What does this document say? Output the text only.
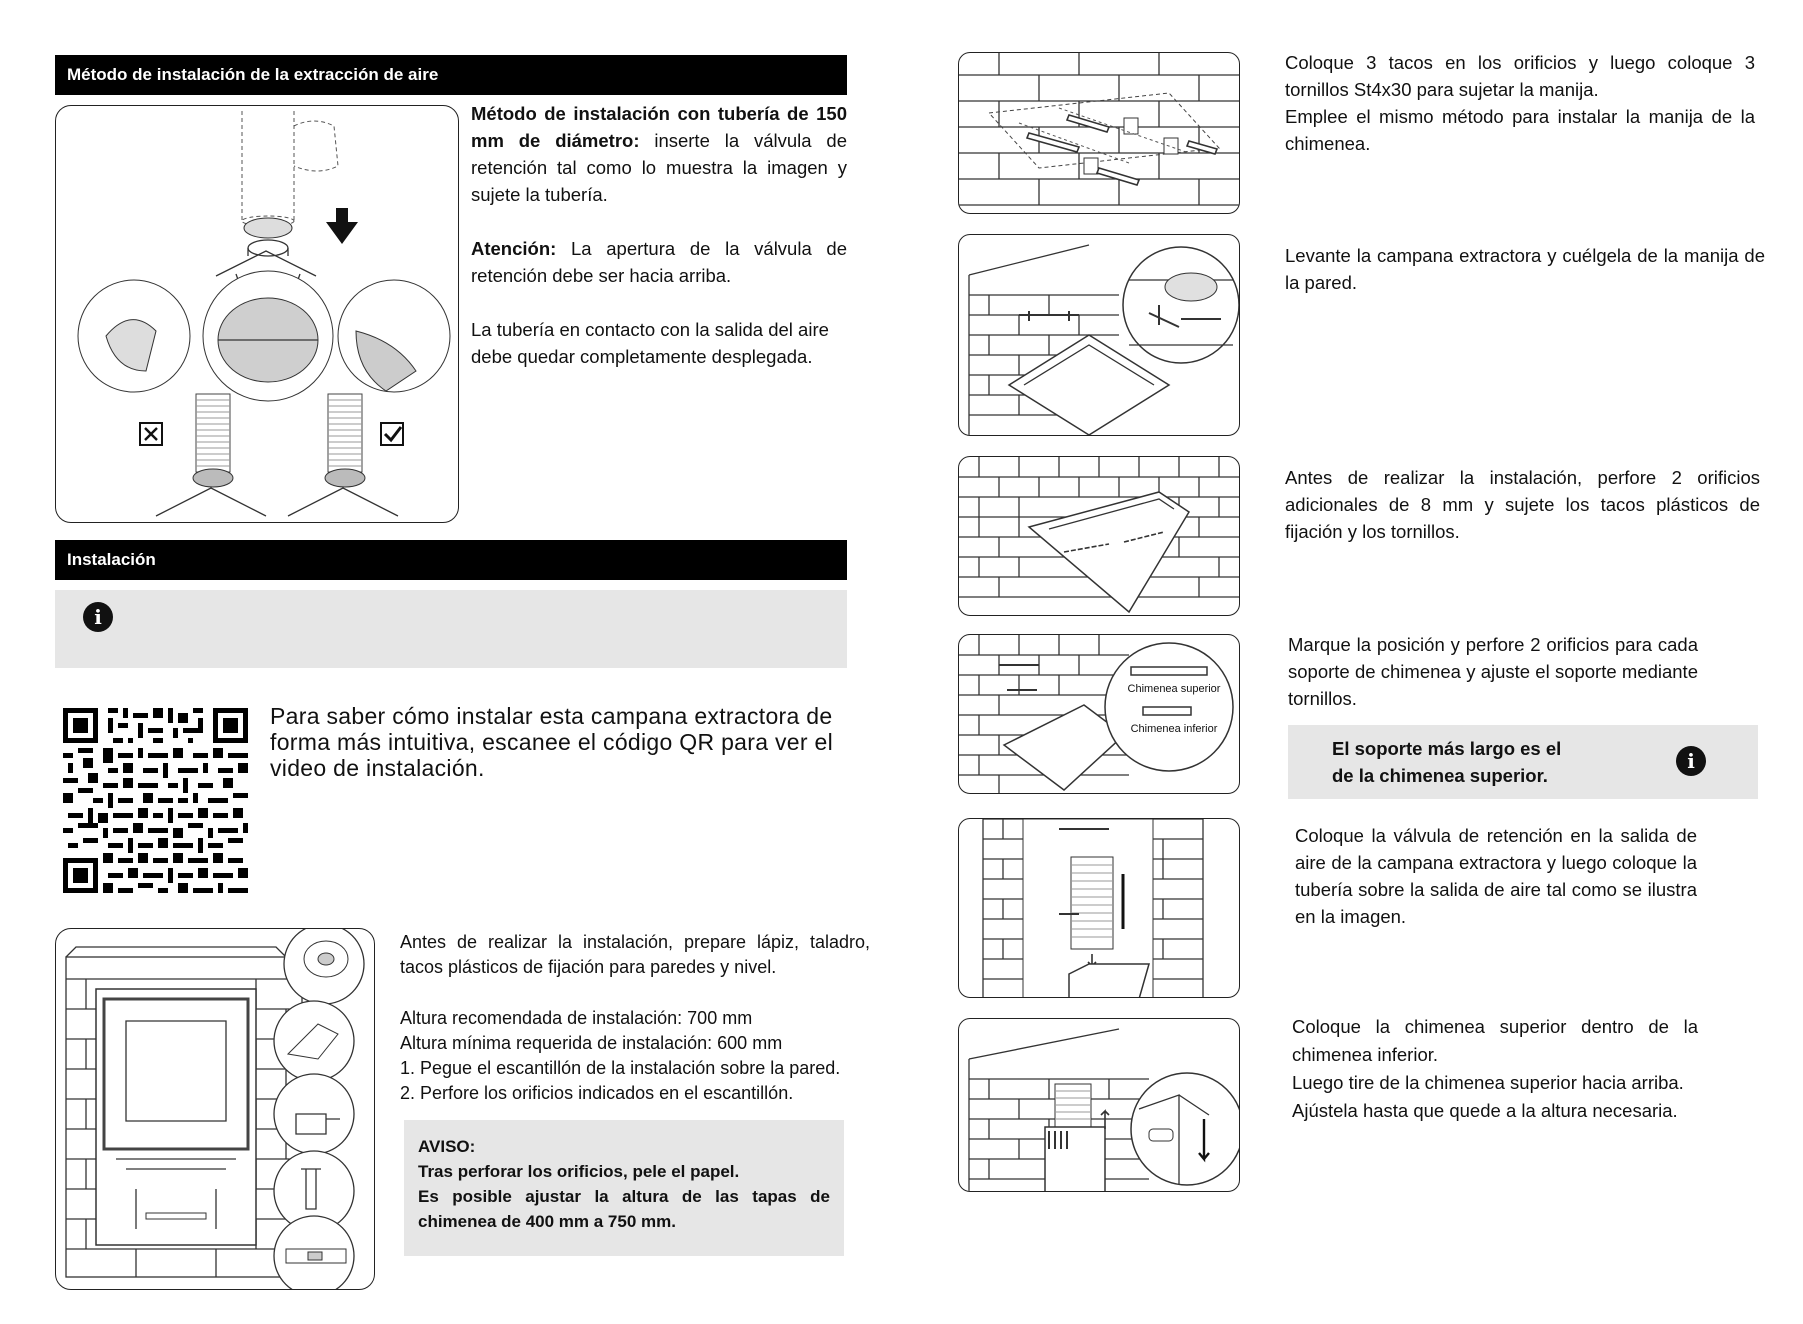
Método de instalación de la extracción de aire
Método de instalación con tubería de 150 mm de diámetro: inserte la válvula de retención tal como lo muestra la imagen y sujete la tubería.
Atención: La apertura de la válvula de retención debe ser hacia arriba.
La tubería en contacto con la salida del aire debe quedar completamente desplegada.
Instalación
i
Para saber cómo instalar esta campana extractora de forma más intuitiva, escanee el código QR para ver el video de instalación.
Antes de realizar la instalación, prepare lápiz, taladro, tacos plásticos de fijación para paredes y nivel.

Altura recomendada de instalación: 700 mm

Altura mínima requerida de instalación: 600 mm

1. Pegue el escantillón de la instalación sobre la pared.

2. Perfore los orificios indicados en el escantillón.

AVISO:

Tras perforar los orificios, pele el papel.

Es posible ajustar la altura de las tapas de chimenea de 400 mm a 750 mm.

Coloque 3 tacos en los orificios y luego coloque 3 tornillos St4x30 para sujetar la manija.

Emplee el mismo método para instalar la manija de la chimenea.

Levante la campana extractora y cuélgela de la manija de la pared.
Antes de realizar la instalación, perfore 2 orificios adicionales de 8 mm y sujete los tacos plásticos de fijación y los tornillos.
Chimenea superior
Chimenea inferior
Marque la posición y perfore 2 orificios para cada soporte de chimenea y ajuste el soporte mediante tornillos.
El soporte más largo es el de la chimenea superior.
i
Coloque la válvula de retención en la salida de aire de la campana extractora y luego coloque la tubería sobre la salida de aire tal como se ilustra en la imagen.

Coloque la chimenea superior dentro de la chimenea inferior.

Luego tire de la chimenea superior hacia arriba.

Ajústela hasta que quede a la altura necesaria.
